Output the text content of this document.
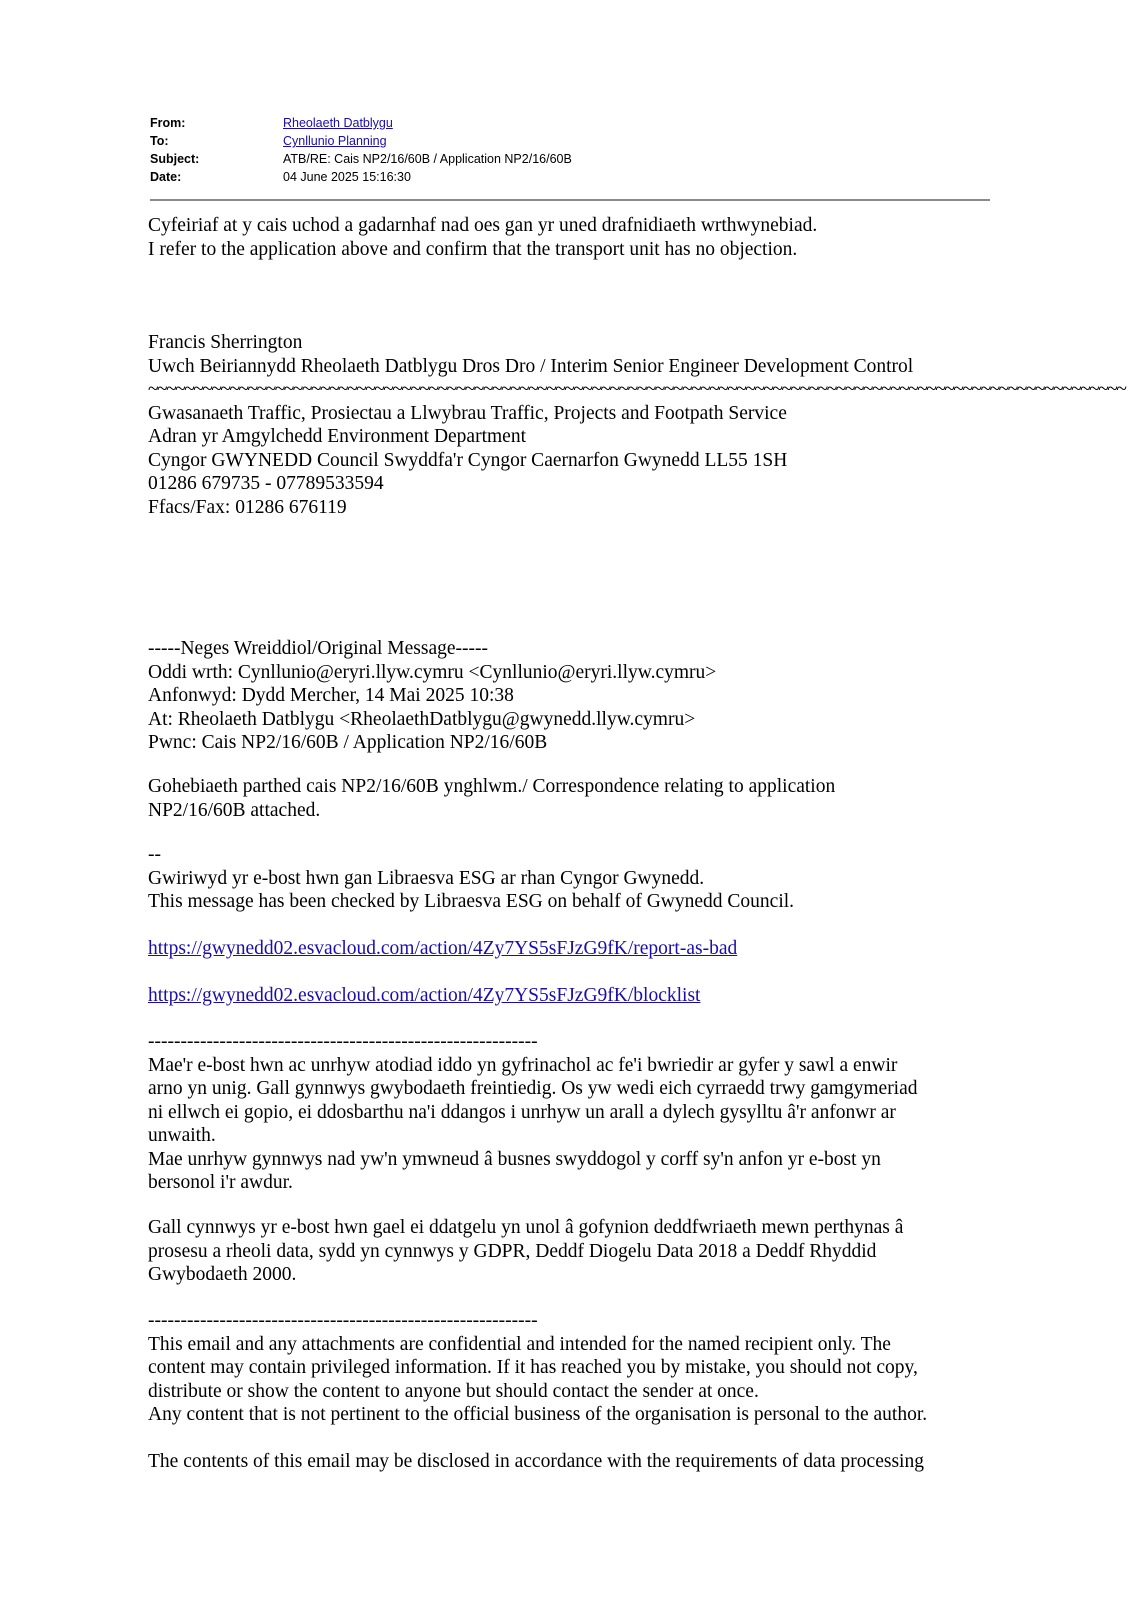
From:	Rheolaeth Datblygu
To:	Cynllunio Planning
Subject:	ATB/RE: Cais NP2/16/60B / Application NP2/16/60B
Date:	04 June 2025 15:16:30
Cyfeiriaf at y cais uchod a gadarnhaf nad oes gan yr uned drafnidiaeth wrthwynebiad.
I refer to the application above and confirm that the transport unit has no objection.
Francis Sherrington
Uwch Beiriannydd Rheolaeth Datblygu Dros Dro / Interim Senior Engineer Development Control
~~~~~~~~~~~~~~~~~~~~~~~~~~~~~~~~~~~~~~~~~~~~~~~~~~~~~~~~~~~~~~~~~~~~~~~~~~~~~~~~~~~~~~~~~~~~~~~~~~~~~~~~~~~~
Gwasanaeth Traffic, Prosiectau a Llwybrau Traffic, Projects and Footpath Service
Adran yr Amgylchedd Environment Department
Cyngor GWYNEDD Council Swyddfa'r Cyngor Caernarfon Gwynedd LL55 1SH
01286 679735 - 07789533594
Ffacs/Fax: 01286 676119
-----Neges Wreiddiol/Original Message-----
Oddi wrth: Cynllunio@eryri.llyw.cymru <Cynllunio@eryri.llyw.cymru>
Anfonwyd: Dydd Mercher, 14 Mai 2025 10:38
At: Rheolaeth Datblygu <RheolaethDatblygu@gwynedd.llyw.cymru>
Pwnc: Cais NP2/16/60B / Application NP2/16/60B
Gohebiaeth parthed cais NP2/16/60B ynghlwm./ Correspondence relating to application
NP2/16/60B attached.
--
Gwiriwyd yr e-bost hwn gan Libraesva ESG ar rhan Cyngor Gwynedd.
This message has been checked by Libraesva ESG on behalf of Gwynedd Council.
https://gwynedd02.esvacloud.com/action/4Zy7YS5sFJzG9fK/report-as-bad
https://gwynedd02.esvacloud.com/action/4Zy7YS5sFJzG9fK/blocklist
------------------------------------------------------------
Mae'r e-bost hwn ac unrhyw atodiad iddo yn gyfrinachol ac fe'i bwriedir ar gyfer y sawl a enwir
arno yn unig. Gall gynnwys gwybodaeth freintiedig. Os yw wedi eich cyrraedd trwy gamgymeriad
ni ellwch ei gopio, ei ddosbarthu na'i ddangos i unrhyw un arall a dylech gysylltu â'r anfonwr ar
unwaith.
Mae unrhyw gynnwys nad yw'n ymwneud â busnes swyddogol y corff sy'n anfon yr e-bost yn
bersonol i'r awdur.
Gall cynnwys yr e-bost hwn gael ei ddatgelu yn unol â gofynion deddfwriaeth mewn perthynas â
prosesu a rheoli data, sydd yn cynnwys y GDPR, Deddf Diogelu Data 2018 a Deddf Rhyddid
Gwybodaeth 2000.
------------------------------------------------------------
This email and any attachments are confidential and intended for the named recipient only. The
content may contain privileged information. If it has reached you by mistake, you should not copy,
distribute or show the content to anyone but should contact the sender at once.
Any content that is not pertinent to the official business of the organisation is personal to the author.
The contents of this email may be disclosed in accordance with the requirements of data processing
